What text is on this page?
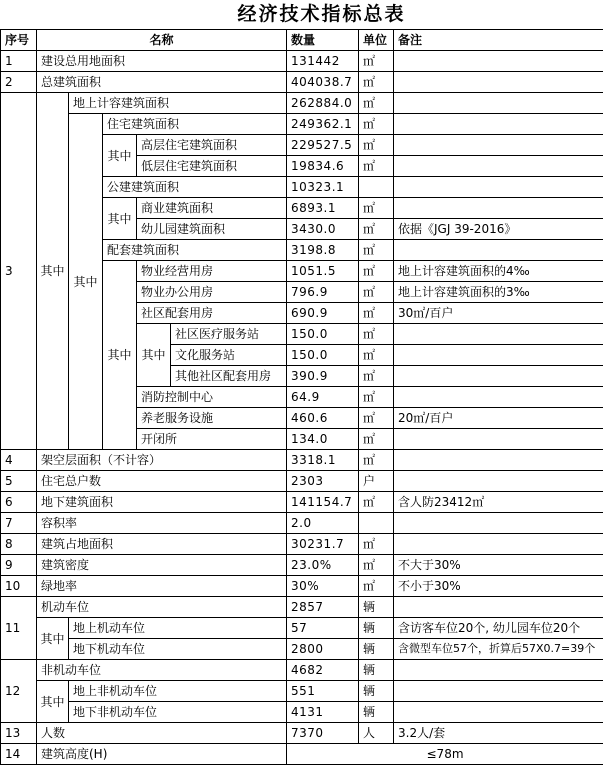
经济技术指标总表
序号	名称					数量	单位	备注
1	建设总用地面积					131442	㎡	
2	总建筑面积					404038.7	㎡	
3	其中	地上计容建筑面积				262884.0	㎡	
		其中	住宅建筑面积			249362.1	㎡	
			其中	高层住宅建筑面积		229527.5	㎡	
				低层住宅建筑面积		19834.6	㎡	
			公建建筑面积			10323.1		
			其中	商业建筑面积		6893.1	㎡	
				幼儿园建筑面积		3430.0	㎡	依据《JGJ 39-2016》
			配套建筑面积			3198.8	㎡	
			其中	物业经营用房		1051.5	㎡	地上计容建筑面积的4‰
				物业办公用房		796.9	㎡	地上计容建筑面积的3‰
				社区配套用房		690.9	㎡	30㎡/百户
				其中	社区医疗服务站	150.0	㎡	
					文化服务站	150.0	㎡	
					其他社区配套用房	390.9	㎡	
				消防控制中心		64.9	㎡	
				养老服务设施		460.6	㎡	20㎡/百户
				开闭所		134.0	㎡	
4	架空层面积（不计容）					3318.1	㎡	
5	住宅总户数					2303	户	
6	地下建筑面积					141154.7	㎡	含人防23412㎡
7	容积率					2.0		
8	建筑占地面积					30231.7	㎡	
9	建筑密度					23.0%	㎡	不大于30%
10	绿地率					30%	㎡	不小于30%
11	机动车位					2857	辆	
	其中	地上机动车位				57	辆	含访客车位20个, 幼儿园车位20个
		地下机动车位				2800	辆	含微型车位57个，折算后57X0.7=39个
12	非机动车位					4682	辆	
	其中	地上非机动车位				551	辆	
		地下非机动车位				4131	辆	
13	人数					7370	人	3.2人/套
14	建筑高度(H)					≤78m		
